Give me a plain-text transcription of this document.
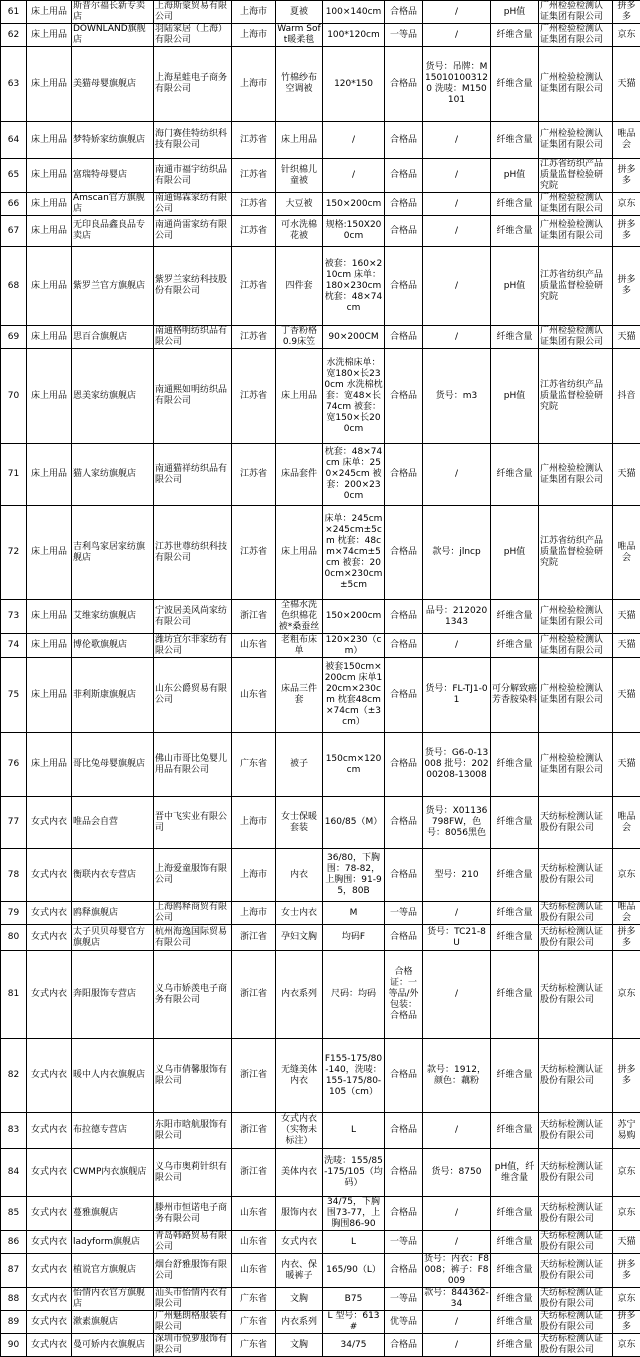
61	床上用品	斯普尔福长新专卖店	上海斯蒙贸易有限公司	上海市	夏被	100×140cm	合格品	/	pH值	广州检验检测认证集团有限公司	拼多多
62	床上用品	DOWNLAND旗舰店	羽陆家居（上海）有限公司	上海市	Warm Soft暖柔毯	100*120cm	一等品	/	纤维含量	广州检验检测认证集团有限公司	京东
63	床上用品	美猫母婴旗舰店	上海星蛙电子商务有限公司	上海市	竹棉纱布空调被	120*150	合格品	货号：吊牌：M150101003120 洗唛：M150101	纤维含量	广州检验检测认证集团有限公司	天猫
64	床上用品	梦特娇家纺旗舰店	海门赛佳特纺织科技有限公司	江苏省	床上用品	/	合格品	/	纤维含量	广州检验检测认证集团有限公司	唯品会
65	床上用品	富瑞特母婴店	南通市福宇纺织品有限公司	江苏省	针织棉儿童被	/	合格品	/	pH值	江苏省纺织产品质量监督检验研究院	拼多多
66	床上用品	Amscan官方旗舰店	南通锦霖家纺有限公司	江苏省	大豆被	150×200cm	合格品	/	纤维含量	广州检验检测认证集团有限公司	京东
67	床上用品	无印良品鑫良品专卖店	南通尚雷家纺有限公司	江苏省	可水洗棉花被	规格:150X200cm	合格品	/	纤维含量	广州检验检测认证集团有限公司	拼多多
68	床上用品	紫罗兰官方旗舰店	紫罗兰家纺科技股份有限公司	江苏省	四件套	被套：160×210cm 床单：180×230cm 枕套：48×74cm	合格品	/	pH值	江苏省纺织产品质量监督检验研究院	拼多多
69	床上用品	思百合旗舰店	南通格明纺织品有限公司	江苏省	丁香粉格0.9床笠	90×200CM	合格品	/	纤维含量	广州检验检测认证集团有限公司	天猫
70	床上用品	恩美家纺旗舰店	南通熙如明纺织品有限公司	江苏省	床上用品	水洗棉床单：宽180×长230cm 水洗棉枕套：宽48×长74cm 被套：宽150×长200cm	合格品	货号：m3	pH值	江苏省纺织产品质量监督检验研究院	抖音
71	床上用品	猫人家纺旗舰店	南通猫祥纺织品有限公司	江苏省	床品套件	枕套：48×74cm 床单：250×245cm 被套：200×230cm	合格品	/	纤维含量	广州检验检测认证集团有限公司	天猫
72	床上用品	吉利鸟家居家纺旗舰店	江苏世尊纺织科技有限公司	江苏省	床上用品	床单：245cm×245cm±5cm 枕套：48cm×74cm±5cm 被套：200cm×230cm±5cm	合格品	款号：jlncp	pH值	江苏省纺织产品质量监督检验研究院	唯品会
73	床上用品	艾维家纺旗舰店	宁波居美风尚家纺有限公司	浙江省	全棉水洗色织棉花被*桑蚕丝	150×200cm	合格品	品号：2120201343	纤维含量	广州检验检测认证集团有限公司	天猫
74	床上用品	博伦歌旗舰店	潍坊宜尔菲家纺有限公司	山东省	老粗布床单	120×230（cm）	合格品	/	纤维含量	广州检验检测认证集团有限公司	天猫
75	床上用品	菲利斯康旗舰店	山东公爵贸易有限公司	山东省	床品三件套	被套150cm×200cm 床单120cm×230cm 枕套48cm×74cm（±3cm）	合格品	货号：FL-TJ1-01	可分解致癌芳香胺染料	广州检验检测认证集团有限公司	天猫
76	床上用品	哥比兔母婴旗舰店	佛山市哥比兔婴儿用品有限公司	广东省	被子	150cm×120cm	合格品	货号：G6-0-13008 批号：20200208-13008	纤维含量	广州检验检测认证集团有限公司	天猫
77	女式内衣	唯品会自营	晋中飞实业有限公司	上海市	女士保暖套装	160/85（M）	合格品	货号：X01136798FW，色号：8056黑色	纤维含量	天纺标检测认证股份有限公司	唯品会
78	女式内衣	衡联内衣专营店	上海爱童服饰有限公司	上海市	内衣	36/80，下胸围：78-82，上胸围：91-95，80B	合格品	型号：210	纤维含量	天纺标检测认证股份有限公司	京东
79	女式内衣	鸥释旗舰店	上海鸥释商贸有限公司	上海市	女士内衣	M	一等品	/	纤维含量	天纺标检测认证股份有限公司	唯品会
80	女式内衣	太子贝贝母婴官方旗舰店	杭州海逸国际贸易有限公司	浙江省	孕妇文胸	均码F	合格品	货号：TC21-8U	纤维含量	天纺标检测认证股份有限公司	拼多多
81	女式内衣	奔阳服饰专营店	义乌市娇羡电子商务有限公司	浙江省	内衣系列	尺码：均码	合格证：一等品/外包装：合格品	/	纤维含量	天纺标检测认证股份有限公司	京东
82	女式内衣	暖中人内衣旗舰店	义乌市倩馨服饰有限公司	浙江省	无缝美体内衣	F155-175/80-140，洗唛：155-175/80-105（cm）	合格品	款号：1912，颜色：藕粉	纤维含量	天纺标检测认证股份有限公司	拼多多
83	女式内衣	布拉德专营店	东阳市晗航服饰有限公司	浙江省	女式内衣（实物未标注）	L	合格品	/	纤维含量	天纺标检测认证股份有限公司	苏宁易购
84	女式内衣	CWMP内衣旗舰店	义乌市奥莉针织有限公司	浙江省	美体内衣	洗唛：155/85-175/105（均码）	合格品	货号：8750	pH值，纤维含量	天纺标检测认证股份有限公司	京东
85	女式内衣	蔓雅旗舰店	滕州市恒诺电子商务有限公司	山东省	服饰内衣	34/75，下胸围73-77，上胸围86-90	合格品	/	纤维含量	天纺标检测认证股份有限公司	京东
86	女式内衣	ladyform旗舰店	青岛韩路贸易有限公司	山东省	女式内衣	L	一等品	/	纤维含量	天纺标检测认证股份有限公司	天猫
87	女式内衣	植说官方旗舰店	烟台舒雅服饰有限公司	山东省	内衣、保暖裤子	165/90（L）	合格品	货号：内衣：F8008；裤子：F8009	纤维含量	天纺标检测认证股份有限公司	拼多多
88	女式内衣	怡情内衣官方旗舰店	汕头市怡情内衣有限公司	广东省	文胸	B75	一等品	款号：844362-34	纤维含量	天纺标检测认证股份有限公司	京东
89	女式内衣	漱素旗舰店	广州魅朗格服装有限公司	广东省	内衣系列	L 型号：613#	优等品	/	纤维含量	天纺标检测认证股份有限公司	拼多多
90	女式内衣	曼可娇内衣旗舰店	深圳市悦萝服饰有限公司	广东省	文胸	34/75	合格品	/	纤维含量	天纺标检测认证股份有限公司	京东
